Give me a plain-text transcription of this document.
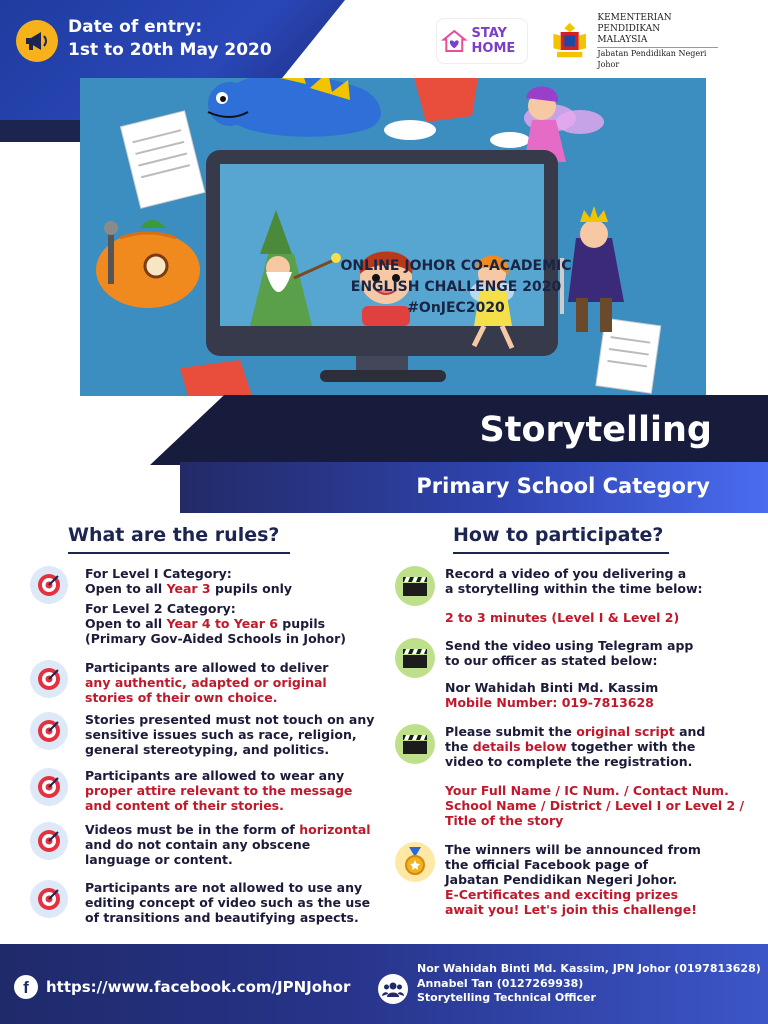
Date of entry:
1st to 20th May 2020
STAY HOME
KEMENTERIAN
PENDIDIKAN
MALAYSIA
Jabatan Pendidikan Negeri Johor
ONLINE JOHOR CO-ACADEMIC
ENGLISH CHALLENGE 2020
#OnJEC2020
Storytelling
Primary School Category
What are the rules?	How to participate?
For Level I Category:
Open to all Year 3 pupils only
For Level 2 Category:
Open to all Year 4 to Year 6 pupils
(Primary Gov-Aided Schools in Johor)
Participants are allowed to deliver
any authentic, adapted or original
stories of their own choice.
Stories presented must not touch on any
sensitive issues such as race, religion,
general stereotyping, and politics.
Participants are allowed to wear any
proper attire relevant to the message
and content of their stories.
Videos must be in the form of horizontal
and do not contain any obscene
language or content.
Participants are not allowed to use any
editing concept of video such as the use
of transitions and beautifying aspects.
Record a video of you delivering a
a storytelling within the time below:
2 to 3 minutes (Level I & Level 2)
Send the video using Telegram app
to our officer as stated below:
Nor Wahidah Binti Md. Kassim
Mobile Number: 019-7813628
Please submit the original script and
the details below together with the
video to complete the registration.
Your Full Name / IC Num. / Contact Num.
School Name / District / Level I or Level 2 /
Title of the story
The winners will be announced from
the official Facebook page of
Jabatan Pendidikan Negeri Johor.
E-Certificates and exciting prizes
await you! Let's join this challenge!
f	https://www.facebook.com/JPNJohor
Nor Wahidah Binti Md. Kassim, JPN Johor (0197813628)
Annabel Tan (0127269938)
Storytelling Technical Officer
